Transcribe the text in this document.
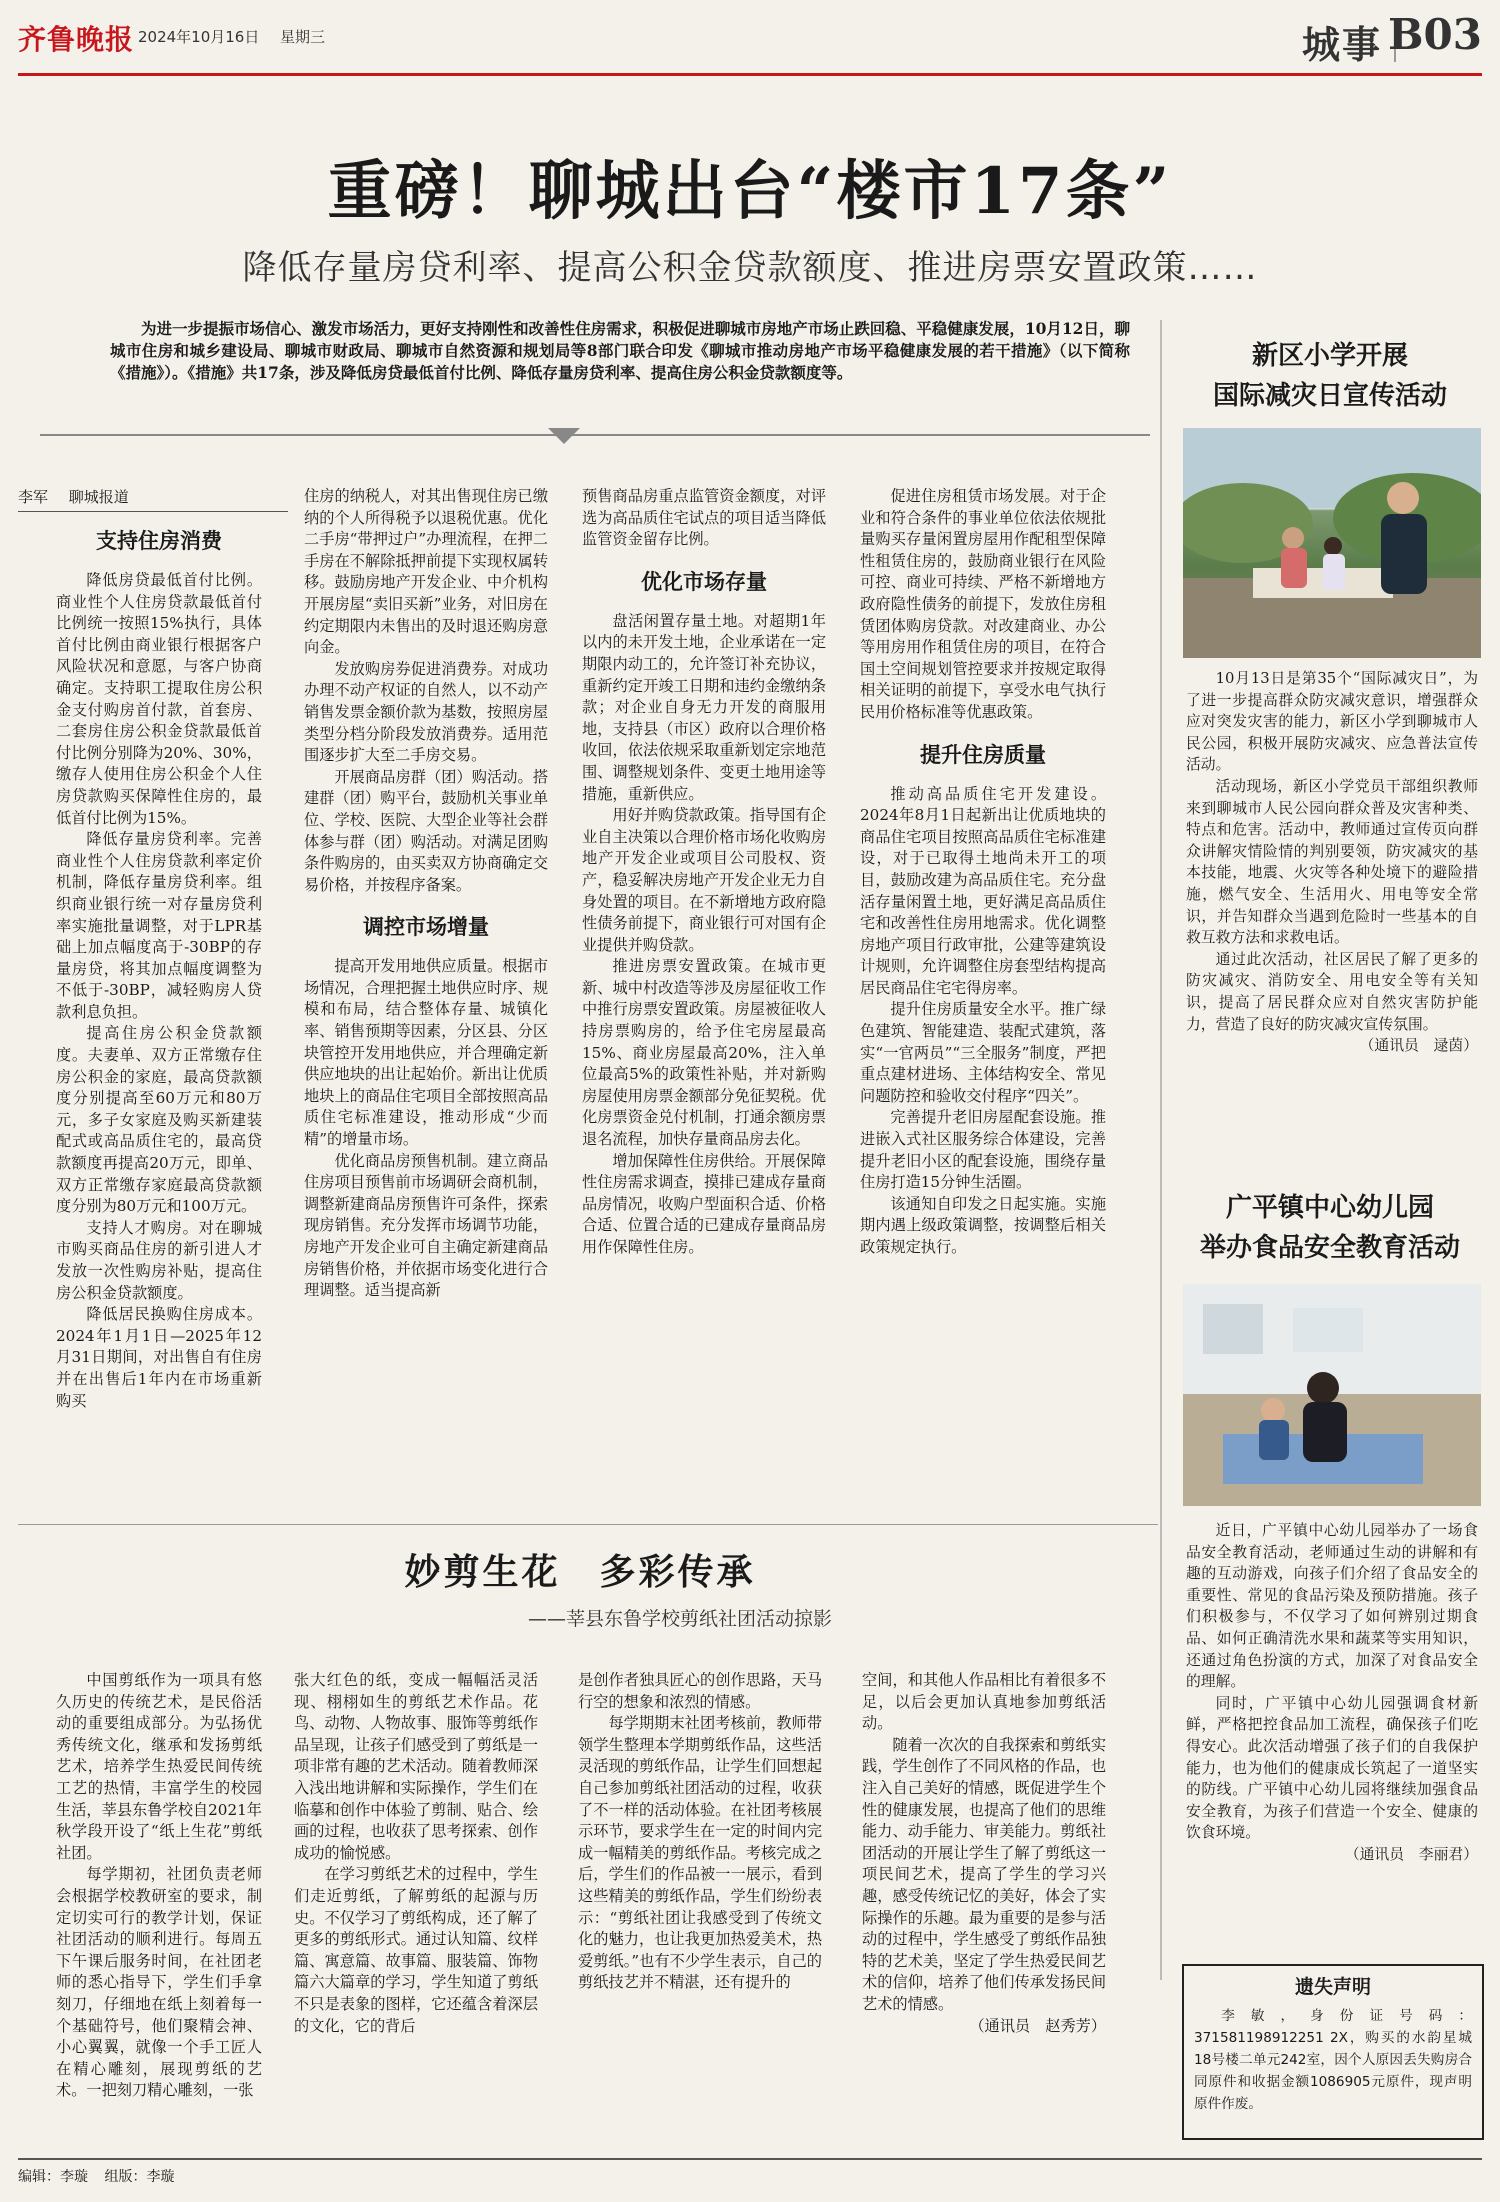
齐鲁晚报 2024年10月16日 星期三	城事 B03
重磅！聊城出台“楼市17条”
降低存量房贷利率、提高公积金贷款额度、推进房票安置政策……

为进一步提振市场信心、激发市场活力，更好支持刚性和改善性住房需求，积极促进聊城市房地产市场止跌回稳、平稳健康发展，10月12日，聊城市住房和城乡建设局、聊城市财政局、聊城市自然资源和规划局等8部门联合印发《聊城市推动房地产市场平稳健康发展的若干措施》（以下简称《措施》）。《措施》共17条，涉及降低房贷最低首付比例、降低存量房贷利率、提高住房公积金贷款额度等。

李军 聊城报道
支持住房消费

降低房贷最低首付比例。商业性个人住房贷款最低首付比例统一按照15%执行，具体首付比例由商业银行根据客户风险状况和意愿，与客户协商确定。支持职工提取住房公积金支付购房首付款，首套房、二套房住房公积金贷款最低首付比例分别降为20%、30%，缴存人使用住房公积金个人住房贷款购买保障性住房的，最低首付比例为15%。

降低存量房贷利率。完善商业性个人住房贷款利率定价机制，降低存量房贷利率。组织商业银行统一对存量房贷利率实施批量调整，对于LPR基础上加点幅度高于-30BP的存量房贷，将其加点幅度调整为不低于-30BP，减轻购房人贷款利息负担。

提高住房公积金贷款额度。夫妻单、双方正常缴存住房公积金的家庭，最高贷款额度分别提高至60万元和80万元，多子女家庭及购买新建装配式或高品质住宅的，最高贷款额度再提高20万元，即单、双方正常缴存家庭最高贷款额度分别为80万元和100万元。

支持人才购房。对在聊城市购买商品住房的新引进人才发放一次性购房补贴，提高住房公积金贷款额度。

降低居民换购住房成本。2024年1月1日—2025年12月31日期间，对出售自有住房并在出售后1年内在市场重新购买

住房的纳税人，对其出售现住房已缴纳的个人所得税予以退税优惠。优化二手房“带押过户”办理流程，在押二手房在不解除抵押前提下实现权属转移。鼓励房地产开发企业、中介机构开展房屋“卖旧买新”业务，对旧房在约定期限内未售出的及时退还购房意向金。

发放购房券促进消费券。对成功办理不动产权证的自然人，以不动产销售发票金额价款为基数，按照房屋类型分档分阶段发放消费券。适用范围逐步扩大至二手房交易。

开展商品房群（团）购活动。搭建群（团）购平台，鼓励机关事业单位、学校、医院、大型企业等社会群体参与群（团）购活动。对满足团购条件购房的，由买卖双方协商确定交易价格，并按程序备案。

调控市场增量

提高开发用地供应质量。根据市场情况，合理把握土地供应时序、规模和布局，结合整体存量、城镇化率、销售预期等因素，分区县、分区块管控开发用地供应，并合理确定新供应地块的出让起始价。新出让优质地块上的商品住宅项目全部按照高品质住宅标准建设，推动形成“少而精”的增量市场。

优化商品房预售机制。建立商品住房项目预售前市场调研会商机制，调整新建商品房预售许可条件，探索现房销售。充分发挥市场调节功能，房地产开发企业可自主确定新建商品房销售价格，并依据市场变化进行合理调整。适当提高新

预售商品房重点监管资金额度，对评选为高品质住宅试点的项目适当降低监管资金留存比例。

优化市场存量

盘活闲置存量土地。对超期1年以内的未开发土地，企业承诺在一定期限内动工的，允许签订补充协议，重新约定开竣工日期和违约金缴纳条款；对企业自身无力开发的商服用地，支持县（市区）政府以合理价格收回，依法依规采取重新划定宗地范围、调整规划条件、变更土地用途等措施，重新供应。

用好并购贷款政策。指导国有企业自主决策以合理价格市场化收购房地产开发企业或项目公司股权、资产，稳妥解决房地产开发企业无力自身处置的项目。在不新增地方政府隐性债务前提下，商业银行可对国有企业提供并购贷款。

推进房票安置政策。在城市更新、城中村改造等涉及房屋征收工作中推行房票安置政策。房屋被征收人持房票购房的，给予住宅房屋最高15%、商业房屋最高20%，注入单位最高5%的政策性补贴，并对新购房屋使用房票金额部分免征契税。优化房票资金兑付机制，打通余额房票退名流程，加快存量商品房去化。

增加保障性住房供给。开展保障性住房需求调查，摸排已建成存量商品房情况，收购户型面积合适、价格合适、位置合适的已建成存量商品房用作保障性住房。

促进住房租赁市场发展。对于企业和符合条件的事业单位依法依规批量购买存量闲置房屋用作配租型保障性租赁住房的，鼓励商业银行在风险可控、商业可持续、严格不新增地方政府隐性债务的前提下，发放住房租赁团体购房贷款。对改建商业、办公等用房用作租赁住房的项目，在符合国土空间规划管控要求并按规定取得相关证明的前提下，享受水电气执行民用价格标准等优惠政策。

提升住房质量

推动高品质住宅开发建设。2024年8月1日起新出让优质地块的商品住宅项目按照高品质住宅标准建设，对于已取得土地尚未开工的项目，鼓励改建为高品质住宅。充分盘活存量闲置土地，更好满足高品质住宅和改善性住房用地需求。优化调整房地产项目行政审批，公建等建筑设计规则，允许调整住房套型结构提高居民商品住宅宅得房率。

提升住房质量安全水平。推广绿色建筑、智能建造、装配式建筑，落实“一官两员”“三全服务”制度，严把重点建材进场、主体结构安全、常见问题防控和验收交付程序“四关”。

完善提升老旧房屋配套设施。推进嵌入式社区服务综合体建设，完善提升老旧小区的配套设施，围绕存量住房打造15分钟生活圈。

该通知自印发之日起实施。实施期内遇上级政策调整，按调整后相关政策规定执行。

新区小学开展
国际减灾日宣传活动

10月13日是第35个“国际减灾日”，为了进一步提高群众防灾减灾意识，增强群众应对突发灾害的能力，新区小学到聊城市人民公园，积极开展防灾减灾、应急普法宣传活动。

活动现场，新区小学党员干部组织教师来到聊城市人民公园向群众普及灾害种类、特点和危害。活动中，教师通过宣传页向群众讲解灾情险情的判别要领，防灾减灾的基本技能，地震、火灾等各种处境下的避险措施，燃气安全、生活用火、用电等安全常识，并告知群众当遇到危险时一些基本的自救互救方法和求救电话。

通过此次活动，社区居民了解了更多的防灾减灾、消防安全、用电安全等有关知识，提高了居民群众应对自然灾害防护能力，营造了良好的防灾减灾宣传氛围。

（通讯员　逯茵）
广平镇中心幼儿园
举办食品安全教育活动

近日，广平镇中心幼儿园举办了一场食品安全教育活动，老师通过生动的讲解和有趣的互动游戏，向孩子们介绍了食品安全的重要性、常见的食品污染及预防措施。孩子们积极参与，不仅学习了如何辨别过期食品、如何正确清洗水果和蔬菜等实用知识，还通过角色扮演的方式，加深了对食品安全的理解。

同时，广平镇中心幼儿园强调食材新鲜，严格把控食品加工流程，确保孩子们吃得安心。此次活动增强了孩子们的自我保护能力，也为他们的健康成长筑起了一道坚实的防线。广平镇中心幼儿园将继续加强食品安全教育，为孩子们营造一个安全、健康的饮食环境。

（通讯员　李丽君）
遗失声明

李敏，身份证号码：371581198912251 2X，购买的水韵星城18号楼二单元242室，因个人原因丢失购房合同原件和收据金额1086905元原件，现声明原件作废。

妙剪生花　多彩传承
——莘县东鲁学校剪纸社团活动掠影

中国剪纸作为一项具有悠久历史的传统艺术，是民俗活动的重要组成部分。为弘扬优秀传统文化，继承和发扬剪纸艺术，培养学生热爱民间传统工艺的热情，丰富学生的校园生活，莘县东鲁学校自2021年秋学段开设了“纸上生花”剪纸社团。

每学期初，社团负责老师会根据学校教研室的要求，制定切实可行的教学计划，保证社团活动的顺利进行。每周五下午课后服务时间，在社团老师的悉心指导下，学生们手拿刻刀，仔细地在纸上刻着每一个基础符号，他们聚精会神、小心翼翼，就像一个手工匠人在精心雕刻，展现剪纸的艺术。一把刻刀精心雕刻，一张

张大红色的纸，变成一幅幅活灵活现、栩栩如生的剪纸艺术作品。花鸟、动物、人物故事、服饰等剪纸作品呈现，让孩子们感受到了剪纸是一项非常有趣的艺术活动。随着教师深入浅出地讲解和实际操作，学生们在临摹和创作中体验了剪制、贴合、绘画的过程，也收获了思考探索、创作成功的愉悦感。

在学习剪纸艺术的过程中，学生们走近剪纸，了解剪纸的起源与历史。不仅学习了剪纸构成，还了解了更多的剪纸形式。通过认知篇、纹样篇、寓意篇、故事篇、服装篇、饰物篇六大篇章的学习，学生知道了剪纸不只是表象的图样，它还蕴含着深层的文化，它的背后

是创作者独具匠心的创作思路，天马行空的想象和浓烈的情感。

每学期期末社团考核前，教师带领学生整理本学期剪纸作品，这些活灵活现的剪纸作品，让学生们回想起自己参加剪纸社团活动的过程，收获了不一样的活动体验。在社团考核展示环节，要求学生在一定的时间内完成一幅精美的剪纸作品。考核完成之后，学生们的作品被一一展示，看到这些精美的剪纸作品，学生们纷纷表示：“剪纸社团让我感受到了传统文化的魅力，也让我更加热爱美术，热爱剪纸。”也有不少学生表示，自己的剪纸技艺并不精湛，还有提升的

空间，和其他人作品相比有着很多不足，以后会更加认真地参加剪纸活动。

随着一次次的自我探索和剪纸实践，学生创作了不同风格的作品，也注入自己美好的情感，既促进学生个性的健康发展，也提高了他们的思维能力、动手能力、审美能力。剪纸社团活动的开展让学生了解了剪纸这一项民间艺术，提高了学生的学习兴趣，感受传统记忆的美好，体会了实际操作的乐趣。最为重要的是参与活动的过程中，学生感受了剪纸作品独特的艺术美，坚定了学生热爱民间艺术的信仰，培养了他们传承发扬民间艺术的情感。

（通讯员　赵秀芳）
编辑：李璇 组版：李璇
